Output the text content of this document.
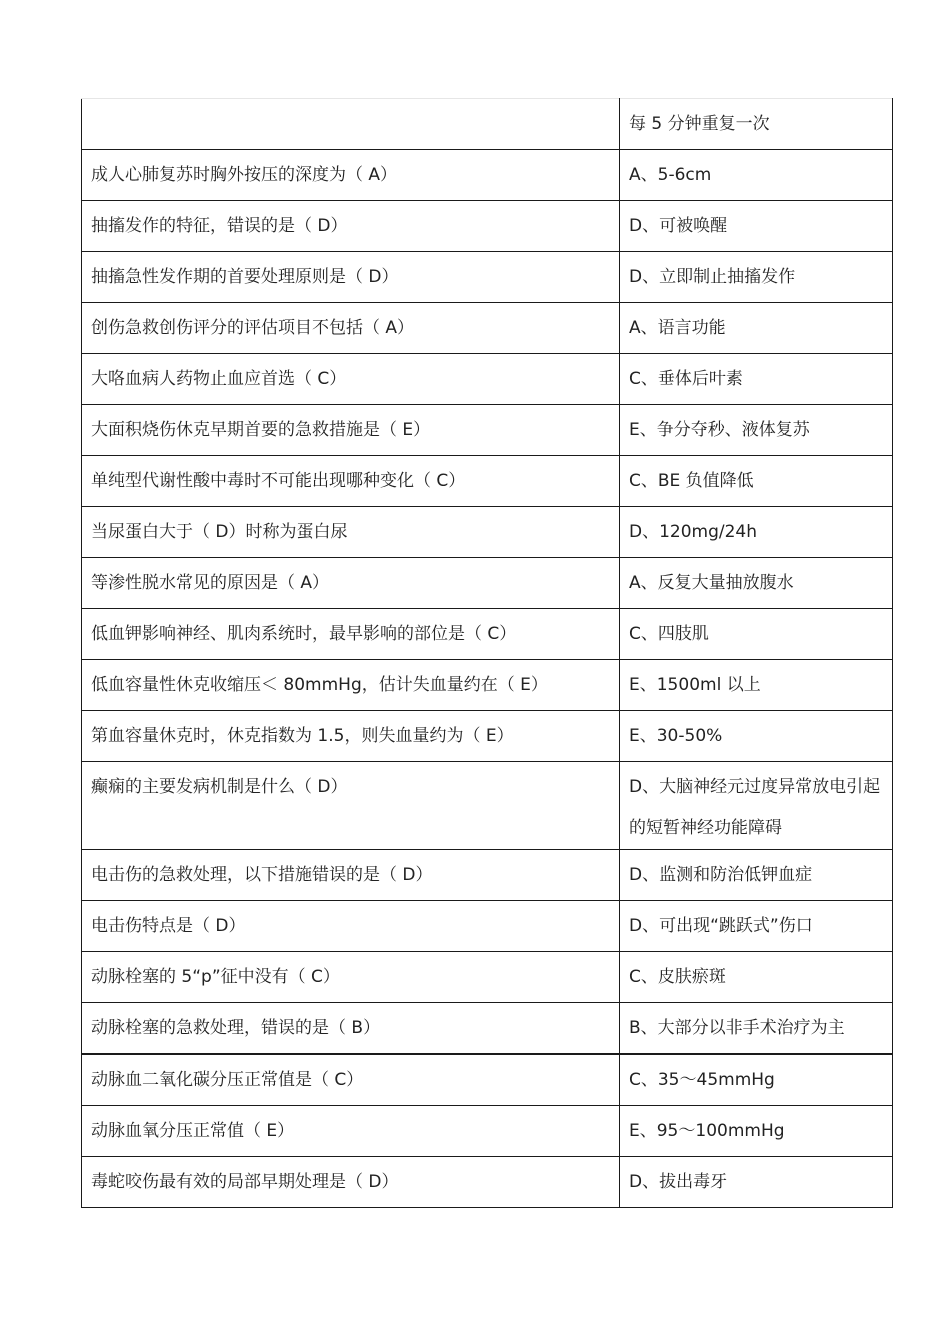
	每 5 分钟重复一次
成人心肺复苏时胸外按压的深度为（ A）	A、5-6cm
抽搐发作的特征，错误的是（ D）	D、可被唤醒
抽搐急性发作期的首要处理原则是（ D）	D、立即制止抽搐发作
创伤急救创伤评分的评估项目不包括（ A）	A、语言功能
大咯血病人药物止血应首选（ C）	C、垂体后叶素
大面积烧伤休克早期首要的急救措施是（ E）	E、争分夺秒、液体复苏
单纯型代谢性酸中毒时不可能出现哪种变化（ C）	C、BE 负值降低
当尿蛋白大于（ D）时称为蛋白尿	D、120mg/24h
等渗性脱水常见的原因是（ A）	A、反复大量抽放腹水
低血钾影响神经、肌肉系统时，最早影响的部位是（ C）	C、四肢肌
低血容量性休克收缩压＜ 80mmHg，估计失血量约在（ E）	E、1500ml 以上
第血容量休克时，休克指数为 1.5，则失血量约为（ E）	E、30-50%
癫痫的主要发病机制是什么（ D）	D、大脑神经元过度异常放电引起的短暂神经功能障碍
电击伤的急救处理，以下措施错误的是（ D）	D、监测和防治低钾血症
电击伤特点是（ D）	D、可出现“跳跃式”伤口
动脉栓塞的 5“p”征中没有（ C）	C、皮肤瘀斑
动脉栓塞的急救处理，错误的是（ B）	B、大部分以非手术治疗为主
动脉血二氧化碳分压正常值是（ C）	C、35～45mmHg
动脉血氧分压正常值（ E）	E、95～100mmHg
毒蛇咬伤最有效的局部早期处理是（ D）	D、拔出毒牙
